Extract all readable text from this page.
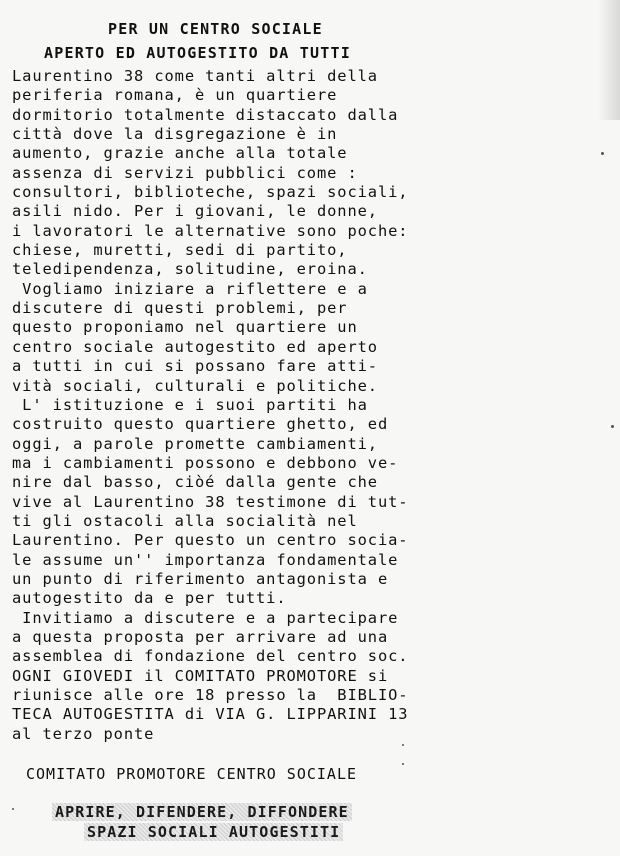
PER UN CENTRO SOCIALE
APERTO ED AUTOGESTITO DA TUTTI
Laurentino 38 come tanti altri della
periferia romana, è un quartiere
dormitorio totalmente distaccato dalla
città dove la disgregazione è in
aumento, grazie anche alla totale
assenza di servizi pubblici come :
consultori, biblioteche, spazi sociali,
asili nido. Per i giovani, le donne,
i lavoratori le alternative sono poche:
chiese, muretti, sedi di partito,
teledipendenza, solitudine, eroina.
Vogliamo iniziare a riflettere e a
discutere di questi problemi, per
questo proponiamo nel quartiere un
centro sociale autogestito ed aperto
a tutti in cui si possano fare atti-
vità sociali, culturali e politiche.
L' istituzione e i suoi partiti ha
costruito questo quartiere ghetto, ed
oggi, a parole promette cambiamenti,
ma i cambiamenti possono e debbono ve-
nire dal basso, ciòé dalla gente che
vive al Laurentino 38 testimone di tut-
ti gli ostacoli alla socialità nel
Laurentino. Per questo un centro socia-
le assume un'' importanza fondamentale
un punto di riferimento antagonista e
autogestito da e per tutti.
Invitiamo a discutere e a partecipare
a questa proposta per arrivare ad una
assemblea di fondazione del centro soc.
OGNI GIOVEDI il COMITATO PROMOTORE si
riunisce alle ore 18 presso la  BIBLIO-
TECA AUTOGESTITA di VIA G. LIPPARINI 13
al terzo ponte
COMITATO PROMOTORE CENTRO SOCIALE
APRIRE, DIFENDERE, DIFFONDERE
SPAZI SOCIALI AUTOGESTITI
